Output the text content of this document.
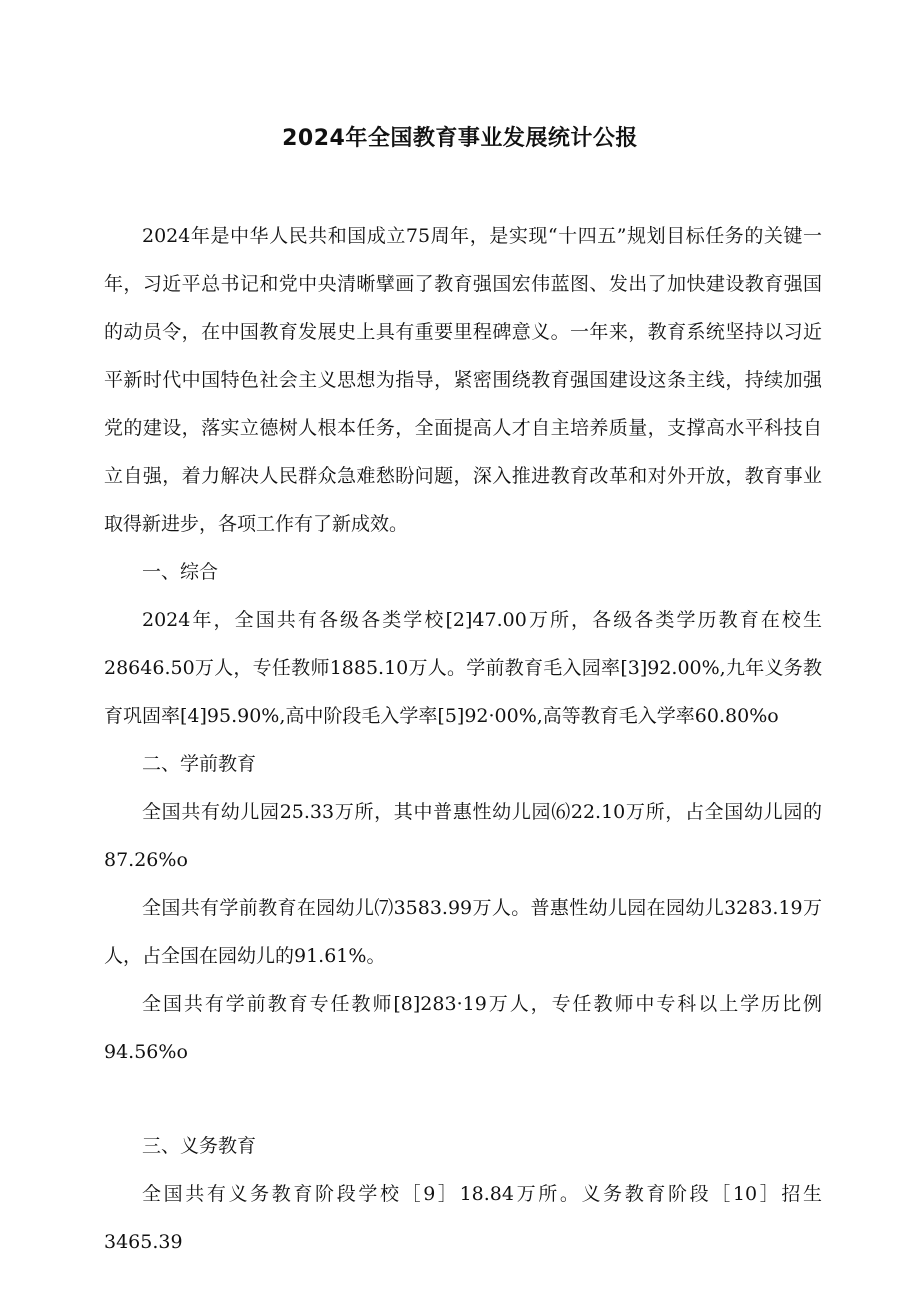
2024年全国教育事业发展统计公报

2024年是中华人民共和国成立75周年，是实现“十四五”规划目标任务的关键一年，习近平总书记和党中央清晰擘画了教育强国宏伟蓝图、发出了加快建设教育强国的动员令，在中国教育发展史上具有重要里程碑意义。一年来，教育系统坚持以习近平新时代中国特色社会主义思想为指导，紧密围绕教育强国建设这条主线，持续加强党的建设，落实立德树人根本任务，全面提高人才自主培养质量，支撑高水平科技自立自强，着力解决人民群众急难愁盼问题，深入推进教育改革和对外开放，教育事业取得新进步，各项工作有了新成效。

一、综合

2024年，全国共有各级各类学校[2]47.00万所，各级各类学历教育在校生28646.50万人，专任教师1885.10万人。学前教育毛入园率[3]92.00%,九年义务教育巩固率[4]95.90%,高中阶段毛入学率[5]92·00%,高等教育毛入学率60.80%o

二、学前教育

全国共有幼儿园25.33万所，其中普惠性幼儿园⑹22.10万所，占全国幼儿园的87.26%o

全国共有学前教育在园幼儿⑺3583.99万人。普惠性幼儿园在园幼儿3283.19万人，占全国在园幼儿的91.61%。

全国共有学前教育专任教师[8]283·19万人，专任教师中专科以上学历比例94.56%o

三、义务教育

全国共有义务教育阶段学校［9］18.84万所。义务教育阶段［10］招生3465.39
